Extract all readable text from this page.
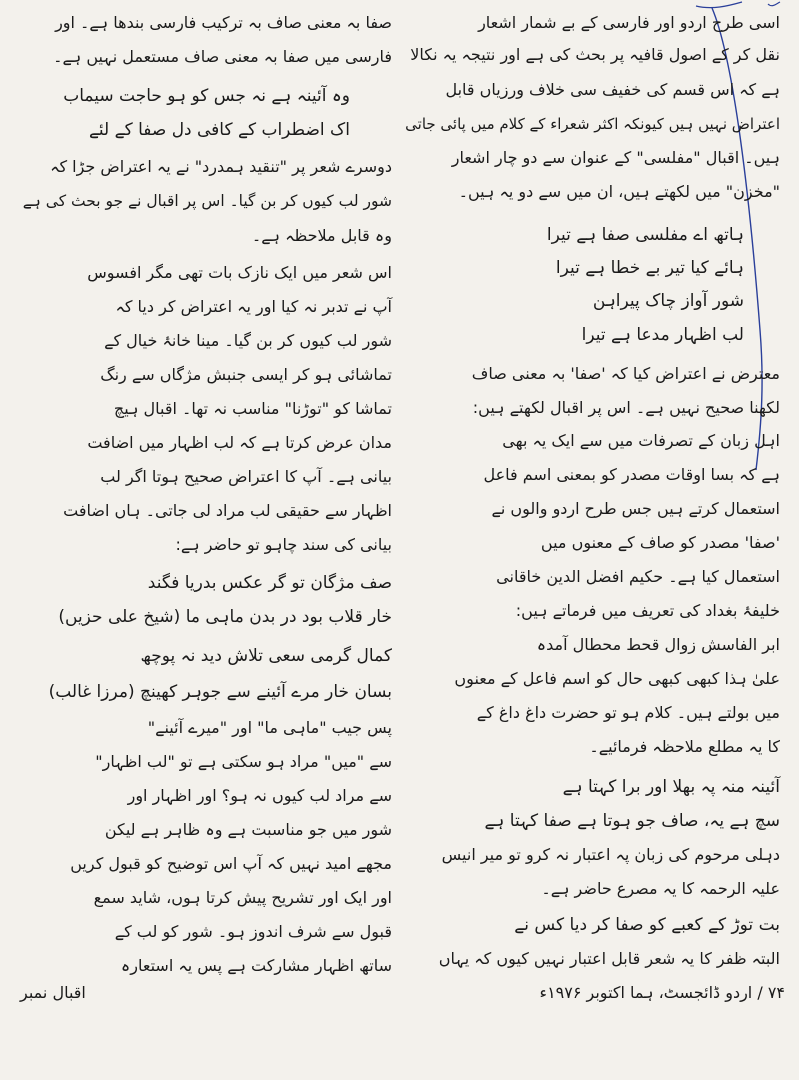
اسی طرح اردو اور فارسی کے بے شمار اشعار
نقل کر کے اصول قافیہ پر بحث کی ہے اور نتیجہ یہ نکالا
ہے کہ اس قسم کی خفیف سی خلاف ورزیاں قابل
اعتراض نہیں ہیں کیونکہ اکثر شعراء کے کلام میں پائی جاتی
ہیں۔ اقبال "مفلسی" کے عنوان سے دو چار اشعار
"مخزن" میں لکھتے ہیں، ان میں سے دو یہ ہیں۔
ہاتھ اے مفلسی صفا ہے تیرا
ہائے کیا تیر بے خطا ہے تیرا
شور آواز چاک پیراہن
لب اظہار مدعا ہے تیرا
معترض نے اعتراض کیا کہ 'صفا' بہ معنی صاف
لکھنا صحیح نہیں ہے۔ اس پر اقبال لکھتے ہیں:
اہل زبان کے تصرفات میں سے ایک یہ بھی
ہے کہ بسا اوقات مصدر کو بمعنی اسم فاعل
استعمال کرتے ہیں جس طرح اردو والوں نے
'صفا' مصدر کو صاف کے معنوں میں
استعمال کیا ہے۔ حکیم افضل الدین خاقانی
خلیفۂ بغداد کی تعریف میں فرماتے ہیں:
ابر الفاسش زوال قحط محطال آمدہ
علیٰ ہذا کبھی کبھی حال کو اسم فاعل کے معنوں
میں بولتے ہیں۔ کلام ہو تو حضرت داغ داغ کے
کا یہ مطلع ملاحظہ فرمائیے۔
آئینہ منہ پہ بھلا اور برا کہتا ہے
سچ ہے یہ، صاف جو ہوتا ہے صفا کہتا ہے
دہلی مرحوم کی زبان پہ اعتبار نہ کرو تو میر انیس
علیہ الرحمہ کا یہ مصرع حاضر ہے۔
بت توڑ کے کعبے کو صفا کر دیا کس نے
البتہ ظفر کا یہ شعر قابل اعتبار نہیں کیوں کہ یہاں
صفا بہ معنی صاف بہ ترکیب فارسی بندھا ہے۔ اور
فارسی میں صفا بہ معنی صاف مستعمل نہیں ہے۔
وہ آئینہ ہے نہ جس کو ہو حاجت سیماب
اک اضطراب کے کافی دل صفا کے لئے
دوسرے شعر پر "تنقید ہمدرد" نے یہ اعتراض جڑا کہ
شور لب کیوں کر بن گیا۔ اس پر اقبال نے جو بحث کی ہے
وہ قابل ملاحظہ ہے۔
اس شعر میں ایک نازک بات تھی مگر افسوس
آپ نے تدبر نہ کیا اور یہ اعتراض کر دیا کہ
شور لب کیوں کر بن گیا۔ مینا خانۂ خیال کے
تماشائی ہو کر ایسی جنبش مژگاں سے رنگ
تماشا کو "توڑنا" مناسب نہ تھا۔ اقبال ہیچ
مدان عرض کرتا ہے کہ لب اظہار میں اضافت
بیانی ہے۔ آپ کا اعتراض صحیح ہوتا اگر لب
اظہار سے حقیقی لب مراد لی جاتی۔ ہاں اضافت
بیانی کی سند چاہو تو حاضر ہے:
صف مژگان تو گر عکس بدریا فگند
خار قلاب بود در بدن ماہی ما (شیخ علی حزیں)
کمال گرمی سعی تلاش دید نہ پوچھ
بسان خار مرے آئینے سے جوہر کھینچ (مرزا غالب)
پس جیب "ماہی ما" اور "میرے آئینے"
سے "میں" مراد ہو سکتی ہے تو "لب اظہار"
سے مراد لب کیوں نہ ہو؟ اور اظہار اور
شور میں جو مناسبت ہے وہ ظاہر ہے لیکن
مجھے امید نہیں کہ آپ اس توضیح کو قبول کریں
اور ایک اور تشریح پیش کرتا ہوں، شاید سمع
قبول سے شرف اندوز ہو۔ شور کو لب کے
ساتھ اظہار مشارکت ہے پس یہ استعارہ
۷۴ / اردو ڈائجسٹ، ہما اکتوبر ۱۹۷۶ء
اقبال نمبر
